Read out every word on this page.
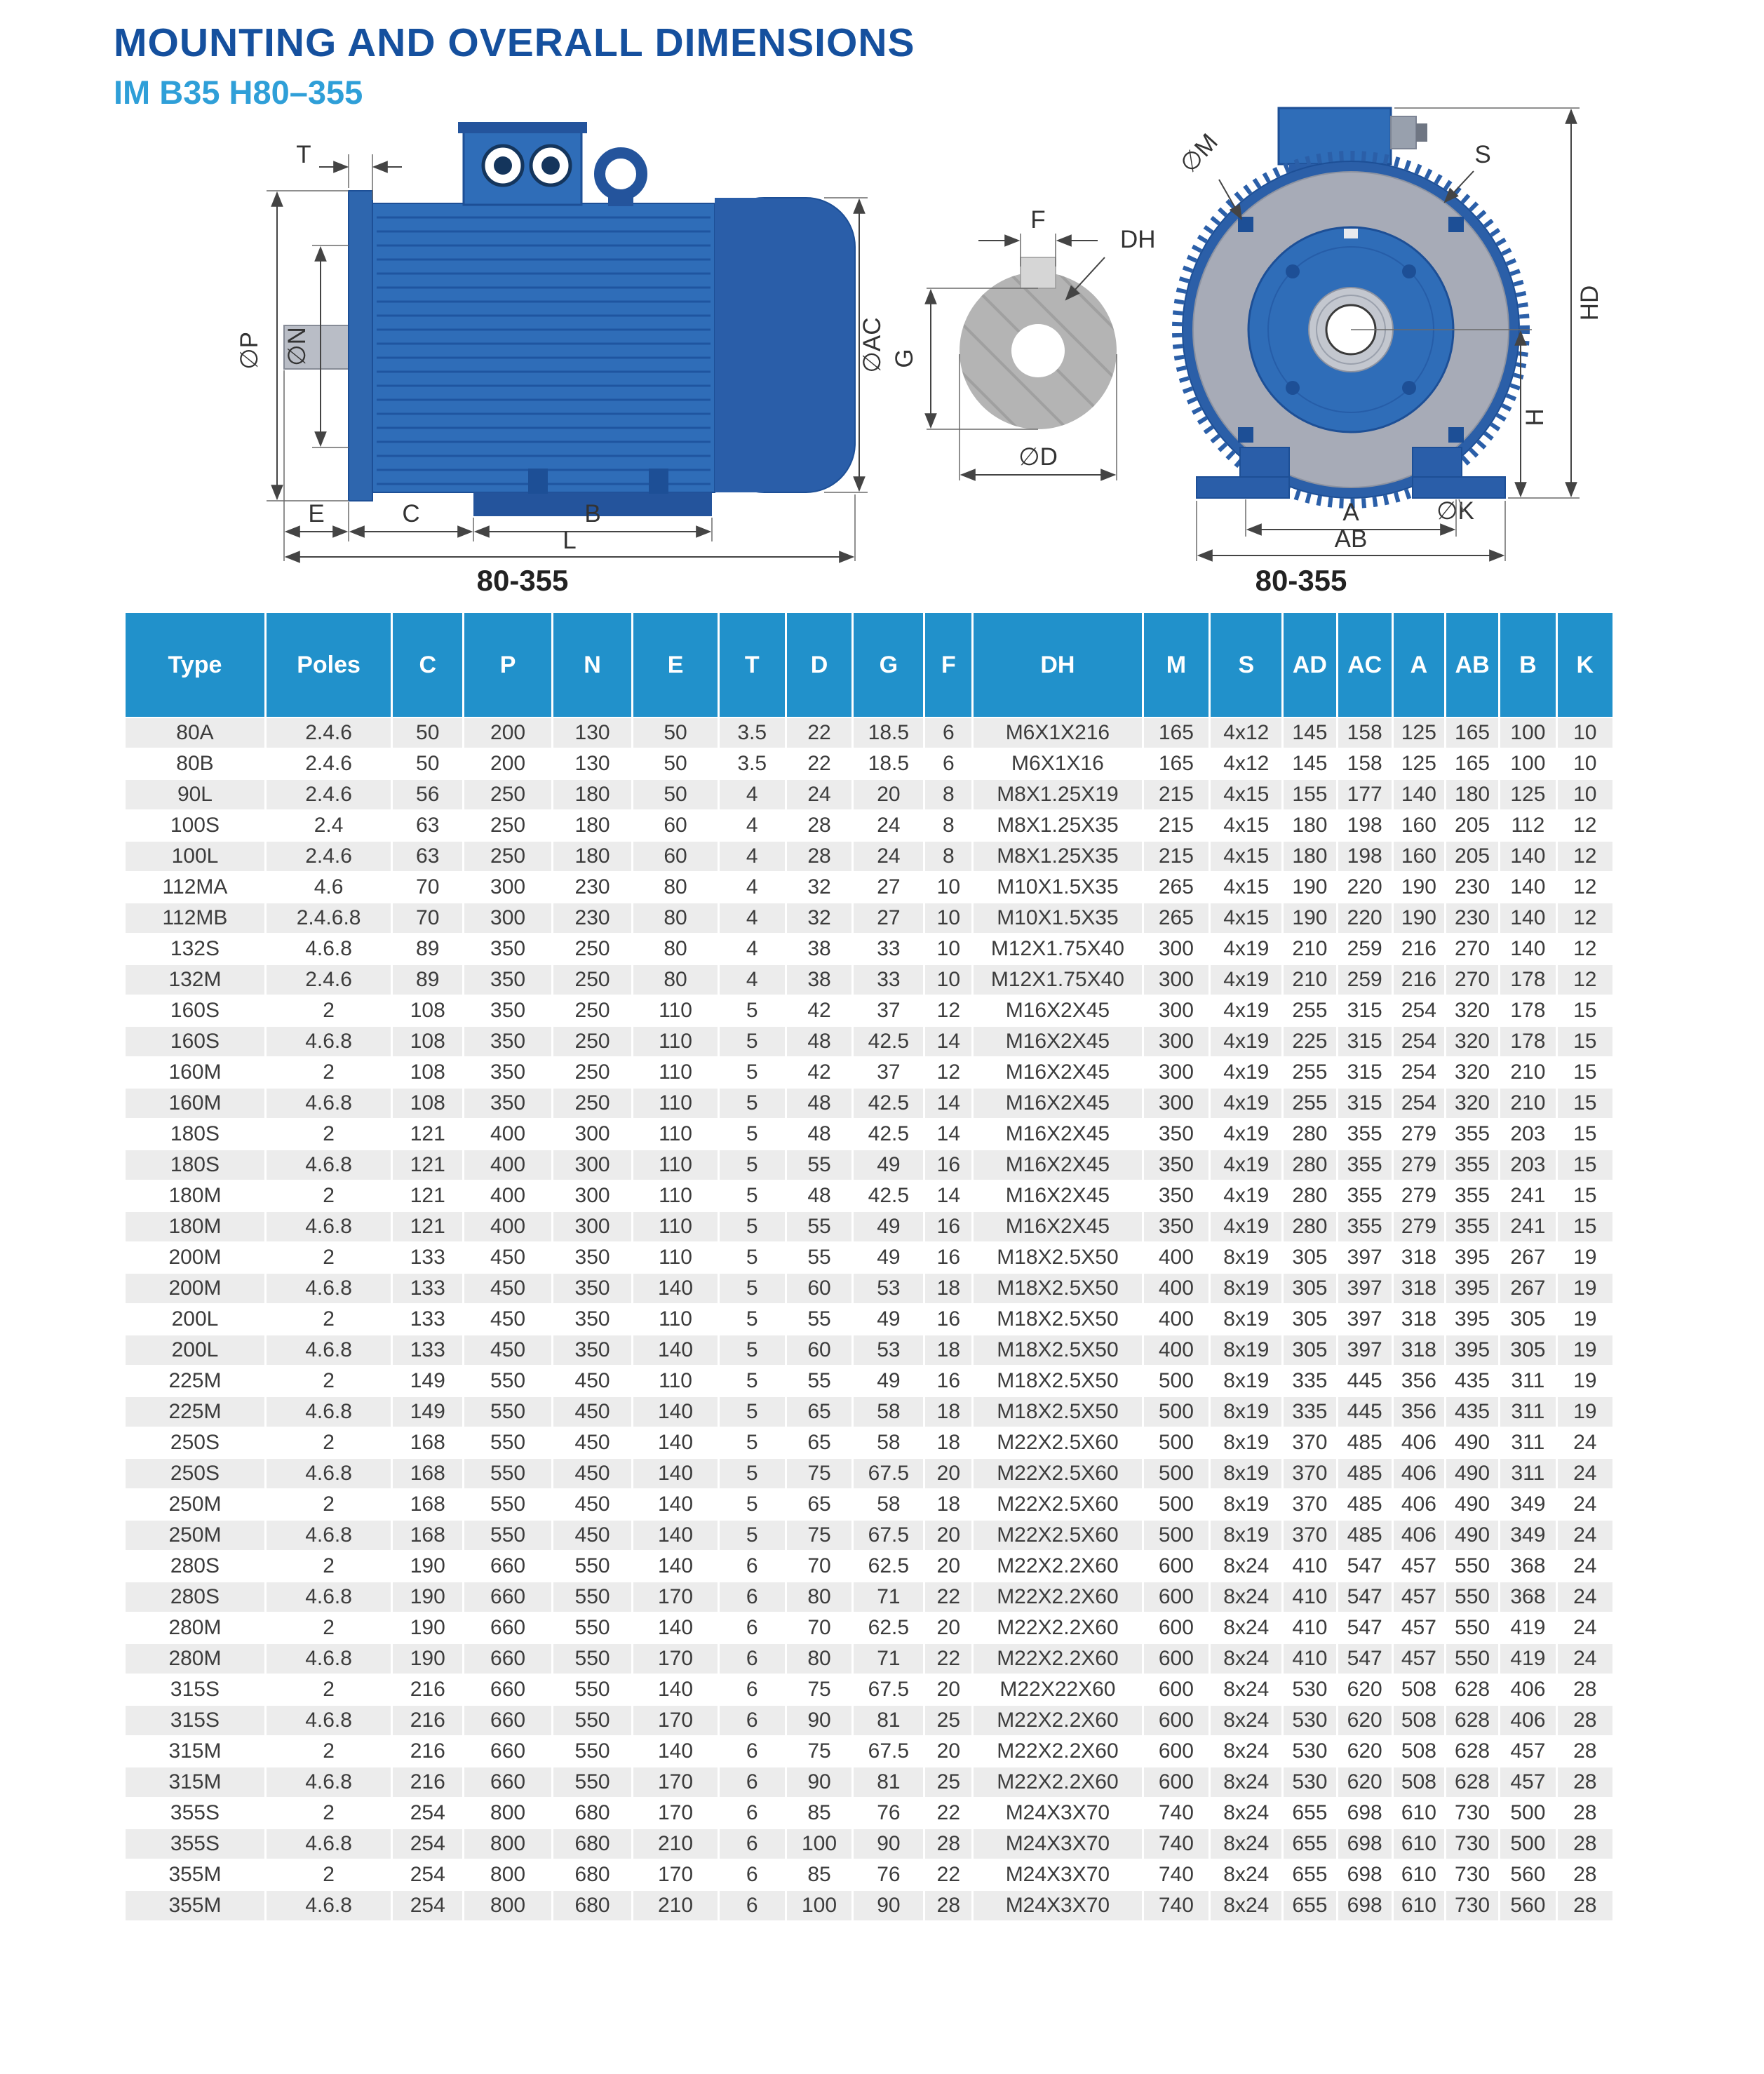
MOUNTING AND OVERALL DIMENSIONS
IM B35 H80–355
T
∅P ∅N	∅AC
E	C	B
L
F
DH
G
∅D
∅M	S
HD
H
∅K
A
AB
80-355	80-355
Type	Poles	C	P	N	E	T	D	G	F	DH	M	S	AD	AC	A	AB	B	K
80A	2.4.6	50	200	130	50	3.5	22	18.5	6	M6X1X216	165	4x12	145	158	125	165	100	10
80B	2.4.6	50	200	130	50	3.5	22	18.5	6	M6X1X16	165	4x12	145	158	125	165	100	10
90L	2.4.6	56	250	180	50	4	24	20	8	M8X1.25X19	215	4x15	155	177	140	180	125	10
100S	2.4	63	250	180	60	4	28	24	8	M8X1.25X35	215	4x15	180	198	160	205	112	12
100L	2.4.6	63	250	180	60	4	28	24	8	M8X1.25X35	215	4x15	180	198	160	205	140	12
112MA	4.6	70	300	230	80	4	32	27	10	M10X1.5X35	265	4x15	190	220	190	230	140	12
112MB	2.4.6.8	70	300	230	80	4	32	27	10	M10X1.5X35	265	4x15	190	220	190	230	140	12
132S	4.6.8	89	350	250	80	4	38	33	10	M12X1.75X40	300	4x19	210	259	216	270	140	12
132M	2.4.6	89	350	250	80	4	38	33	10	M12X1.75X40	300	4x19	210	259	216	270	178	12
160S	2	108	350	250	110	5	42	37	12	M16X2X45	300	4x19	255	315	254	320	178	15
160S	4.6.8	108	350	250	110	5	48	42.5	14	M16X2X45	300	4x19	225	315	254	320	178	15
160M	2	108	350	250	110	5	42	37	12	M16X2X45	300	4x19	255	315	254	320	210	15
160M	4.6.8	108	350	250	110	5	48	42.5	14	M16X2X45	300	4x19	255	315	254	320	210	15
180S	2	121	400	300	110	5	48	42.5	14	M16X2X45	350	4x19	280	355	279	355	203	15
180S	4.6.8	121	400	300	110	5	55	49	16	M16X2X45	350	4x19	280	355	279	355	203	15
180M	2	121	400	300	110	5	48	42.5	14	M16X2X45	350	4x19	280	355	279	355	241	15
180M	4.6.8	121	400	300	110	5	55	49	16	M16X2X45	350	4x19	280	355	279	355	241	15
200M	2	133	450	350	110	5	55	49	16	M18X2.5X50	400	8x19	305	397	318	395	267	19
200M	4.6.8	133	450	350	140	5	60	53	18	M18X2.5X50	400	8x19	305	397	318	395	267	19
200L	2	133	450	350	110	5	55	49	16	M18X2.5X50	400	8x19	305	397	318	395	305	19
200L	4.6.8	133	450	350	140	5	60	53	18	M18X2.5X50	400	8x19	305	397	318	395	305	19
225M	2	149	550	450	110	5	55	49	16	M18X2.5X50	500	8x19	335	445	356	435	311	19
225M	4.6.8	149	550	450	140	5	65	58	18	M18X2.5X50	500	8x19	335	445	356	435	311	19
250S	2	168	550	450	140	5	65	58	18	M22X2.5X60	500	8x19	370	485	406	490	311	24
250S	4.6.8	168	550	450	140	5	75	67.5	20	M22X2.5X60	500	8x19	370	485	406	490	311	24
250M	2	168	550	450	140	5	65	58	18	M22X2.5X60	500	8x19	370	485	406	490	349	24
250M	4.6.8	168	550	450	140	5	75	67.5	20	M22X2.5X60	500	8x19	370	485	406	490	349	24
280S	2	190	660	550	140	6	70	62.5	20	M22X2.2X60	600	8x24	410	547	457	550	368	24
280S	4.6.8	190	660	550	170	6	80	71	22	M22X2.2X60	600	8x24	410	547	457	550	368	24
280M	2	190	660	550	140	6	70	62.5	20	M22X2.2X60	600	8x24	410	547	457	550	419	24
280M	4.6.8	190	660	550	170	6	80	71	22	M22X2.2X60	600	8x24	410	547	457	550	419	24
315S	2	216	660	550	140	6	75	67.5	20	M22X22X60	600	8x24	530	620	508	628	406	28
315S	4.6.8	216	660	550	170	6	90	81	25	M22X2.2X60	600	8x24	530	620	508	628	406	28
315M	2	216	660	550	140	6	75	67.5	20	M22X2.2X60	600	8x24	530	620	508	628	457	28
315M	4.6.8	216	660	550	170	6	90	81	25	M22X2.2X60	600	8x24	530	620	508	628	457	28
355S	2	254	800	680	170	6	85	76	22	M24X3X70	740	8x24	655	698	610	730	500	28
355S	4.6.8	254	800	680	210	6	100	90	28	M24X3X70	740	8x24	655	698	610	730	500	28
355M	2	254	800	680	170	6	85	76	22	M24X3X70	740	8x24	655	698	610	730	560	28
355M	4.6.8	254	800	680	210	6	100	90	28	M24X3X70	740	8x24	655	698	610	730	560	28
